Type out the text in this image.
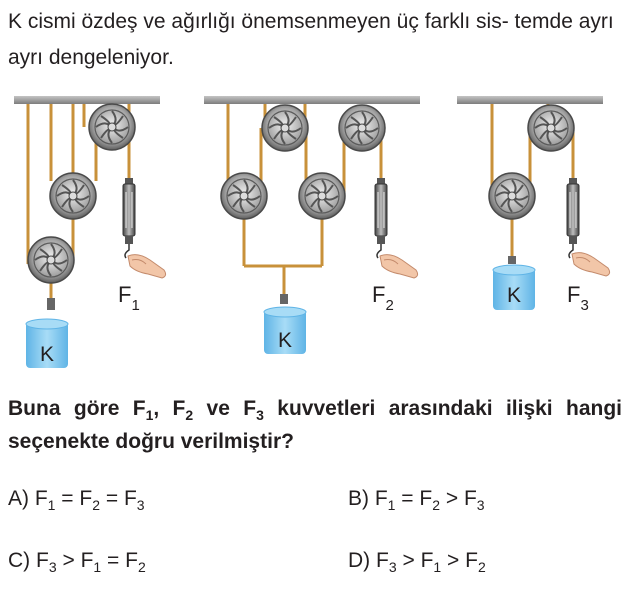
K cismi özdeş ve ağırlığı önemsenmeyen üç farklı sis- temde ayrı ayrı dengeleniyor.

K
$F_1$
K
$F_2$	K $F_3$

Buna göre $F_1$, $F_2$ ve $F_3$ kuvvetleri arasındaki ilişki hangi seçenekte doğru verilmiştir?

A) $F_1 = F_2 = F_3$	B) $F_1 = F_2 > F_3$
C) $F_3 > F_1 = F_2$	D) $F_3 > F_1 > F_2$
